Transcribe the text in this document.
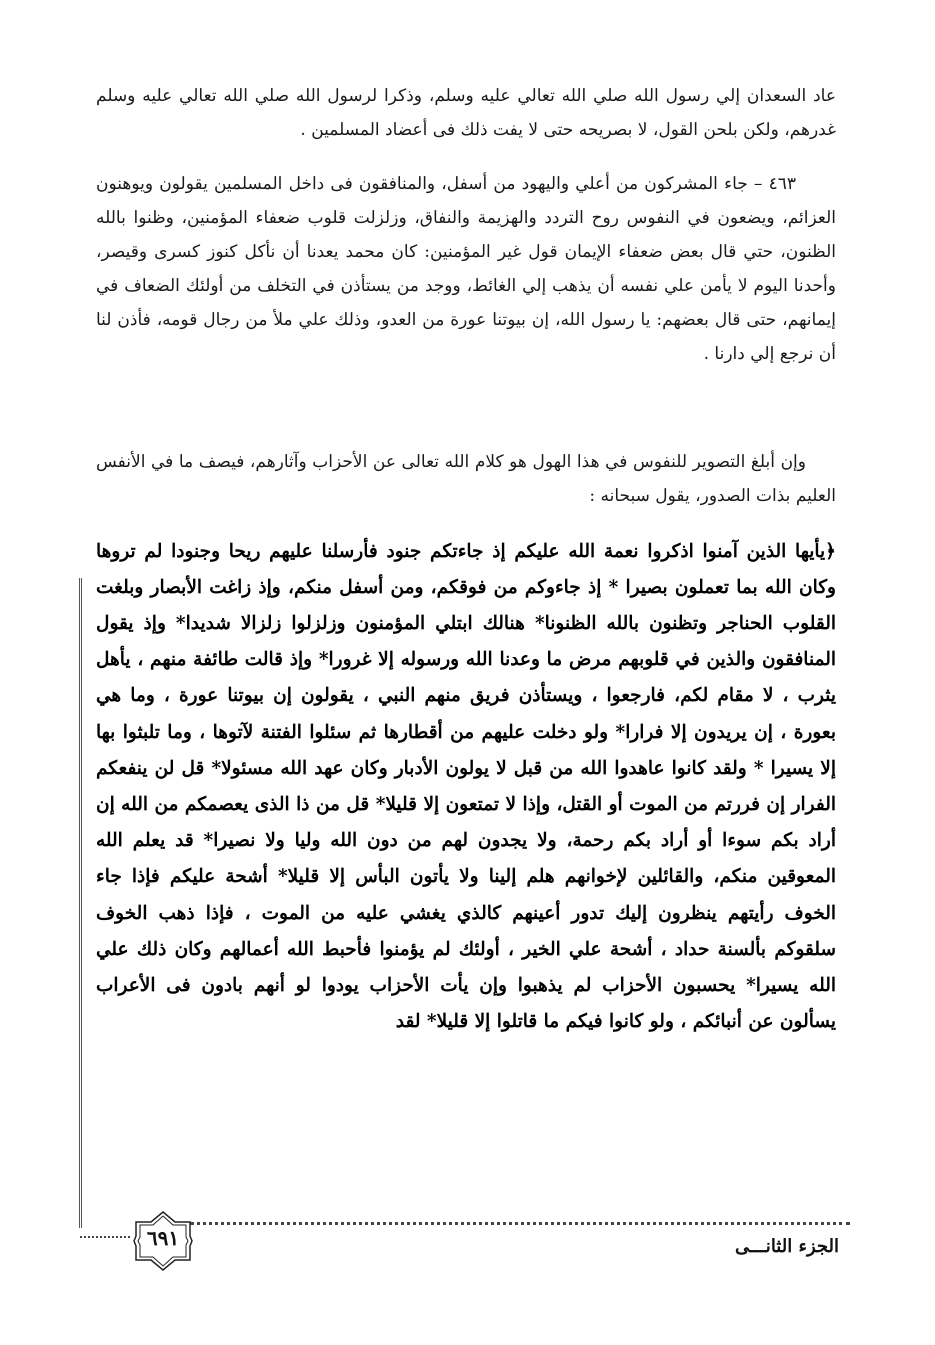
عاد السعدان إلي رسول الله صلي الله تعالي عليه وسلم، وذكرا لرسول الله صلي الله تعالي عليه وسلم غدرهم، ولكن بلحن القول، لا بصريحه حتى لا يفت ذلك فى أعضاد المسلمين .

٤٦٣ – جاء المشركون من أعلي واليهود من أسفل، والمنافقون فى داخل المسلمين يقولون ويوهنون العزائم، ويضعون في النفوس روح التردد والهزيمة والنفاق، وزلزلت قلوب ضعفاء المؤمنين، وظنوا بالله الظنون، حتي قال بعض ضعفاء الإيمان قول غير المؤمنين: كان محمد يعدنا أن نأكل كنوز كسرى وقيصر، وأحدنا اليوم لا يأمن علي نفسه أن يذهب إلي الغائط، ووجد من يستأذن في التخلف من أولئك الضعاف في إيمانهم، حتى قال بعضهم: يا رسول الله، إن بيوتنا عورة من العدو، وذلك علي ملأ من رجال قومه، فأذن لنا أن نرجع إلي دارنا .

وإن أبلغ التصوير للنفوس في هذا الهول هو كلام الله تعالى عن الأحزاب وآثارهم، فيصف ما في الأنفس العليم بذات الصدور، يقول سبحانه :

﴿يأيها الذين آمنوا اذكروا نعمة الله عليكم إذ جاءتكم جنود فأرسلنا عليهم ريحا وجنودا لم تروها وكان الله بما تعملون بصيرا * إذ جاءوكم من فوقكم، ومن أسفل منكم، وإذ زاغت الأبصار وبلغت القلوب الحناجر وتظنون بالله الظنونا* هنالك ابتلي المؤمنون وزلزلوا زلزالا شديدا* وإذ يقول المنافقون والذين في قلوبهم مرض ما وعدنا الله ورسوله إلا غرورا* وإذ قالت طائفة منهم ، يأهل يثرب ، لا مقام لكم، فارجعوا ، ويستأذن فريق منهم النبي ، يقولون إن بيوتنا عورة ، وما هي بعورة ، إن يريدون إلا فرارا* ولو دخلت عليهم من أقطارها ثم سئلوا الفتنة لآتوها ، وما تلبثوا بها إلا يسيرا * ولقد كانوا عاهدوا الله من قبل لا يولون الأدبار وكان عهد الله مسئولا* قل لن ينفعكم الفرار إن فررتم من الموت أو القتل، وإذا لا تمتعون إلا قليلا* قل من ذا الذى يعصمكم من الله إن أراد بكم سوءا أو أراد بكم رحمة، ولا يجدون لهم من دون الله وليا ولا نصيرا* قد يعلم الله المعوقين منكم، والقائلين لإخوانهم هلم إلينا ولا يأتون البأس إلا قليلا* أشحة عليكم فإذا جاء الخوف رأيتهم ينظرون إليك تدور أعينهم كالذي يغشي عليه من الموت ، فإذا ذهب الخوف سلقوكم بألسنة حداد ، أشحة علي الخير ، أولئك لم يؤمنوا فأحبط الله أعمالهم وكان ذلك علي الله يسيرا* يحسبون الأحزاب لم يذهبوا وإن يأت الأحزاب يودوا لو أنهم بادون فى الأعراب يسألون عن أنبائكم ، ولو كانوا فيكم ما قاتلوا إلا قليلا* لقد

٦٩١	الجزء الثانـــى
